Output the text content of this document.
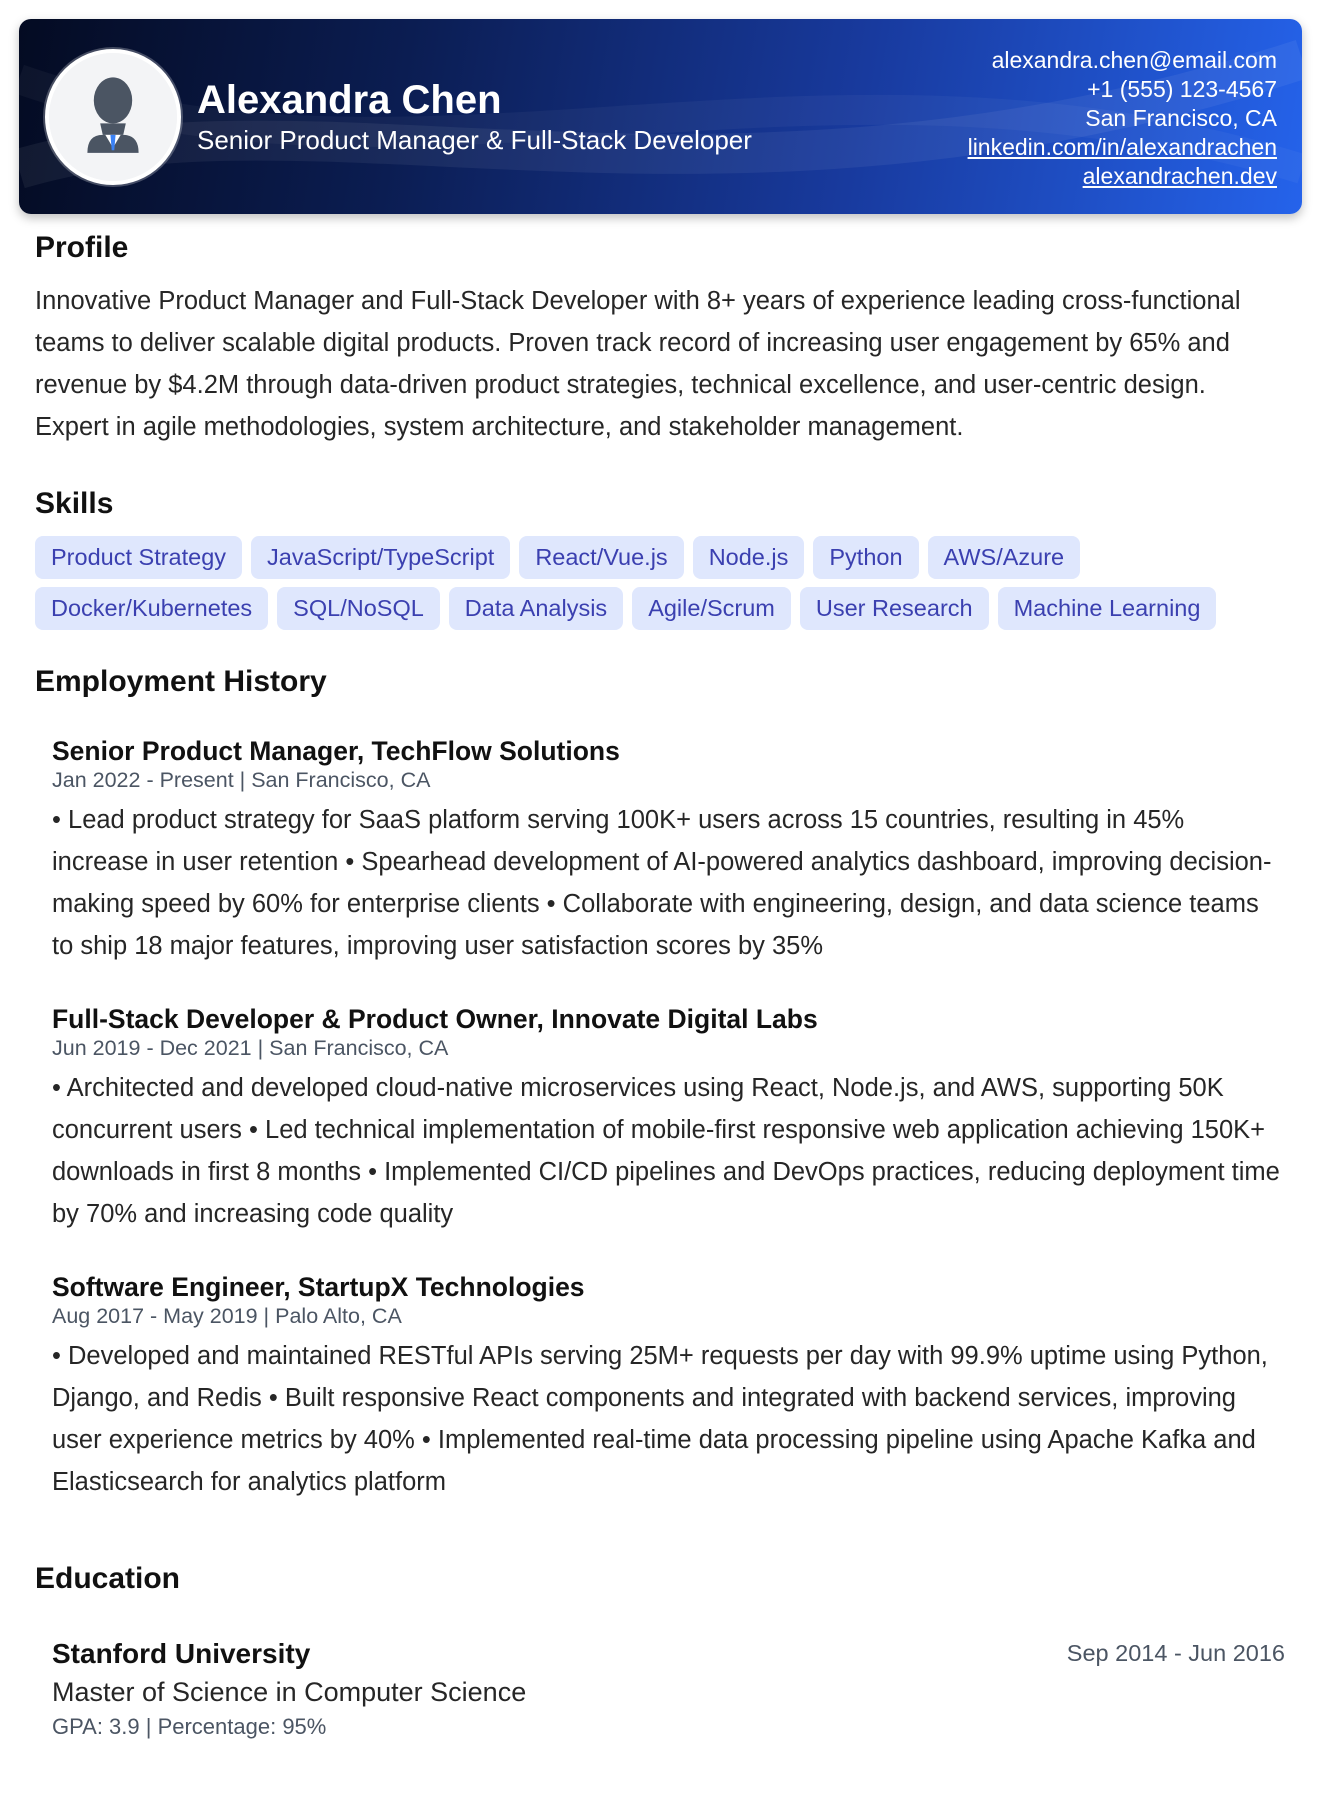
Alexandra Chen
Senior Product Manager & Full-Stack Developer
alexandra.chen@email.com
+1 (555) 123-4567
San Francisco, CA
linkedin.com/in/alexandrachen
alexandrachen.dev
Profile
Innovative Product Manager and Full-Stack Developer with 8+ years of experience leading cross-functional teams to deliver scalable digital products. Proven track record of increasing user engagement by 65% and revenue by $4.2M through data-driven product strategies, technical excellence, and user-centric design. Expert in agile methodologies, system architecture, and stakeholder management.
Skills
Product Strategy	JavaScript/TypeScript	React/Vue.js	Node.js	Python	AWS/Azure
Docker/Kubernetes	SQL/NoSQL	Data Analysis	Agile/Scrum	User Research	Machine Learning
Employment History
Senior Product Manager, TechFlow Solutions
Jan 2022 - Present | San Francisco, CA
• Lead product strategy for SaaS platform serving 100K+ users across 15 countries, resulting in 45% increase in user retention • Spearhead development of AI-powered analytics dashboard, improving decision-making speed by 60% for enterprise clients • Collaborate with engineering, design, and data science teams to ship 18 major features, improving user satisfaction scores by 35%
Full-Stack Developer & Product Owner, Innovate Digital Labs
Jun 2019 - Dec 2021 | San Francisco, CA
• Architected and developed cloud-native microservices using React, Node.js, and AWS, supporting 50K concurrent users • Led technical implementation of mobile-first responsive web application achieving 150K+ downloads in first 8 months • Implemented CI/CD pipelines and DevOps practices, reducing deployment time by 70% and increasing code quality
Software Engineer, StartupX Technologies
Aug 2017 - May 2019 | Palo Alto, CA
• Developed and maintained RESTful APIs serving 25M+ requests per day with 99.9% uptime using Python, Django, and Redis • Built responsive React components and integrated with backend services, improving user experience metrics by 40% • Implemented real-time data processing pipeline using Apache Kafka and Elasticsearch for analytics platform
Education
Stanford University	Sep 2014 - Jun 2016
Master of Science in Computer Science
GPA: 3.9 | Percentage: 95%
